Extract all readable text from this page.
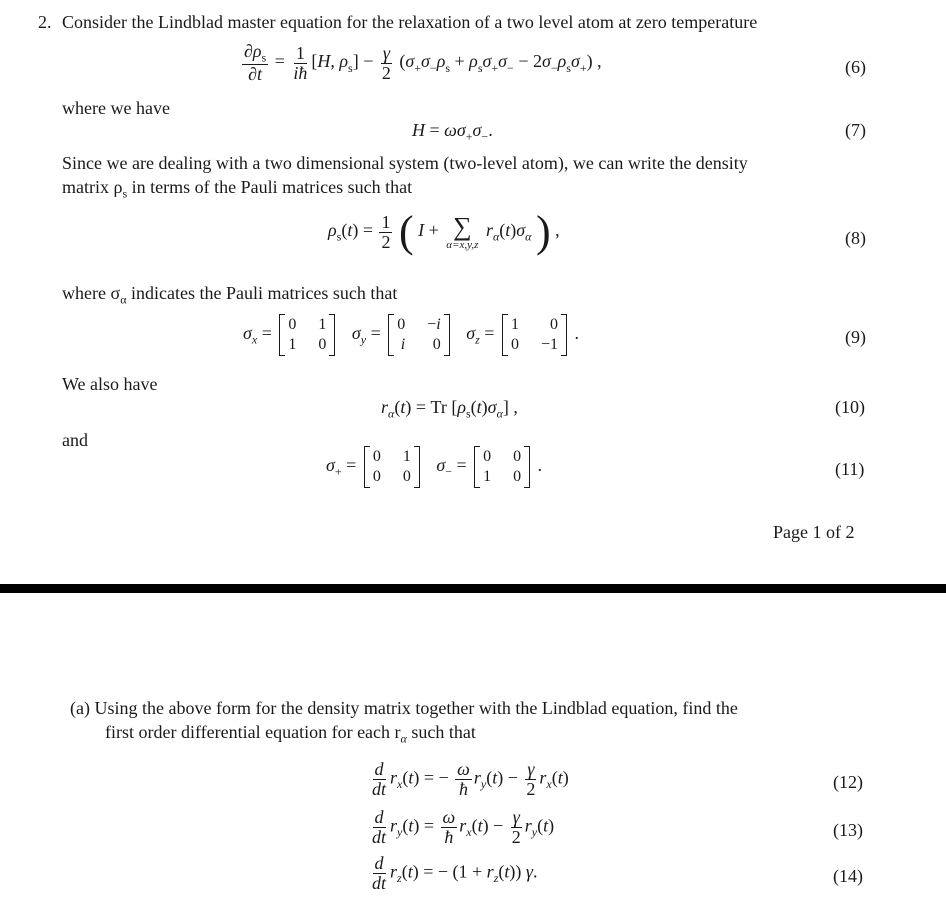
2. Consider the Lindblad master equation for the relaxation of a two level atom at zero temperature
$\frac{\partial\rho_s}{\partial t} = \frac{1}{iħ} [H$, $\rho_s] - \frac{\gamma}{2} (\sigma_+\sigma_-\rho_s + \rho_s\sigma_+\sigma_- - 2\sigma_-\rho_s\sigma_+)$ ,	(6)
where we have
$H = \omega\sigma_+\sigma_-$.	(7)
Since we are dealing with a two dimensional system (two-level atom), we can write the density
matrix $\rho_s$ in terms of the Pauli matrices such that
$\rho_s(t) = \frac{1}{2}$ ( I + ∑
α=x,y,z
$r_\alpha(t)\sigma_\alpha$ ) ,	(8)
where $\sigma_\alpha$ indicates the Pauli matrices such that
$\sigma_x = 0$ 1
1 0
$\sigma_y = 0 -i$
i	0
$\sigma_z = 1$	0
0 −1
.	(9)
We also have
$r_\alpha(t) = Tr$ $[\rho_s(t)\sigma_\alpha]$ ,	(10)
and
$\sigma_+ = 0$ 1
0 0
$\sigma_- = 0$ 0
1 0
.	(11)
Page 1 of 2
(a) Using the above form for the density matrix together with the Lindblad equation, find the
first order differential equation for each $r_\alpha$ such that
$\frac{d}{dt} r_x(t)$ = − $\frac{\omega}{ħ} r_y(t) - \frac{\gamma}{2} r_x(t)$	(12)
$\frac{d}{dt} r_y(t) = \frac{\omega}{ħ} r_x(t) - \frac{\gamma}{2} r_y(t)$	(13)
$\frac{d}{dt} r_z(t)$ = − $(1 + r_z(t))$ γ.	(14)
